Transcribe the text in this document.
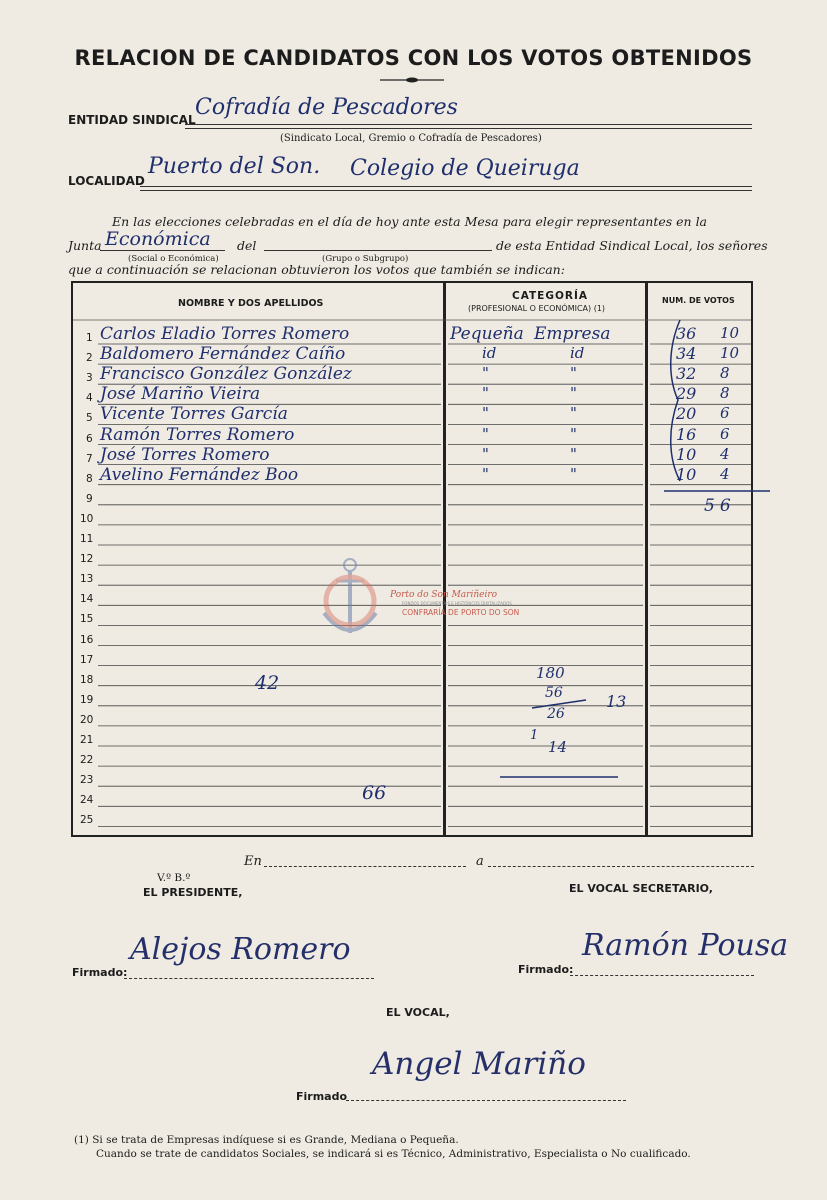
RELACION DE CANDIDATOS CON LOS VOTOS OBTENIDOS
ENTIDAD SINDICAL Cofradía de Pescadores
(Sindicato Local, Gremio o Cofradía de Pescadores)
LOCALIDAD
Puerto del Son. Colegio de Queiruga
En las elecciones celebradas en el día de hoy ante esta Mesa para elegir representantes en la
Junta Económica del	de esta Entidad Sindical Local, los señores
(Social o Económica)	(Grupo o Subgrupo)
que a continuación se relacionan obtuvieron los votos que también se indican:
NOMBRE Y DOS APELLIDOS
CATEGORÍA
(PROFESIONAL O ECONÓMICA) (1)
NUM. DE VOTOS
1 Carlos Eladio Torres Romero	Pequeña Empresa	36 10
2 Baldomero Fernández Caíño	id	id	34 10
3 Francisco González González	"	"	32 8
4 José Mariño Vieira	"	"	29 8
5 Vicente Torres García	"	"	20 6
6 Ramón Torres Romero	"	"	16 6
7 José Torres Romero	"	"	10 4
8 Avelino Fernández Boo	"	"	10 4
9
10
11
12
13
14
15
16
17
18
19
20
21
22
23
24
25
42
66
180
56
26
13
1
14
56
Porto do Son Mariñeiro
FONDOS DOCUMENTAIS E HISTÓRICOS DIXITALIZADOS
CONFRARÍA DE PORTO DO SON
En	a
V.º B.º
EL PRESIDENTE,	EL VOCAL SECRETARIO,
Firmado:
Alejos Romero
Firmado:
Ramón Pousa
EL VOCAL,
Firmado
Angel Mariño
(1) Si se trata de Empresas indíquese si es Grande, Mediana o Pequeña.
Cuando se trate de candidatos Sociales, se indicará si es Técnico, Administrativo, Especialista o No cualificado.
